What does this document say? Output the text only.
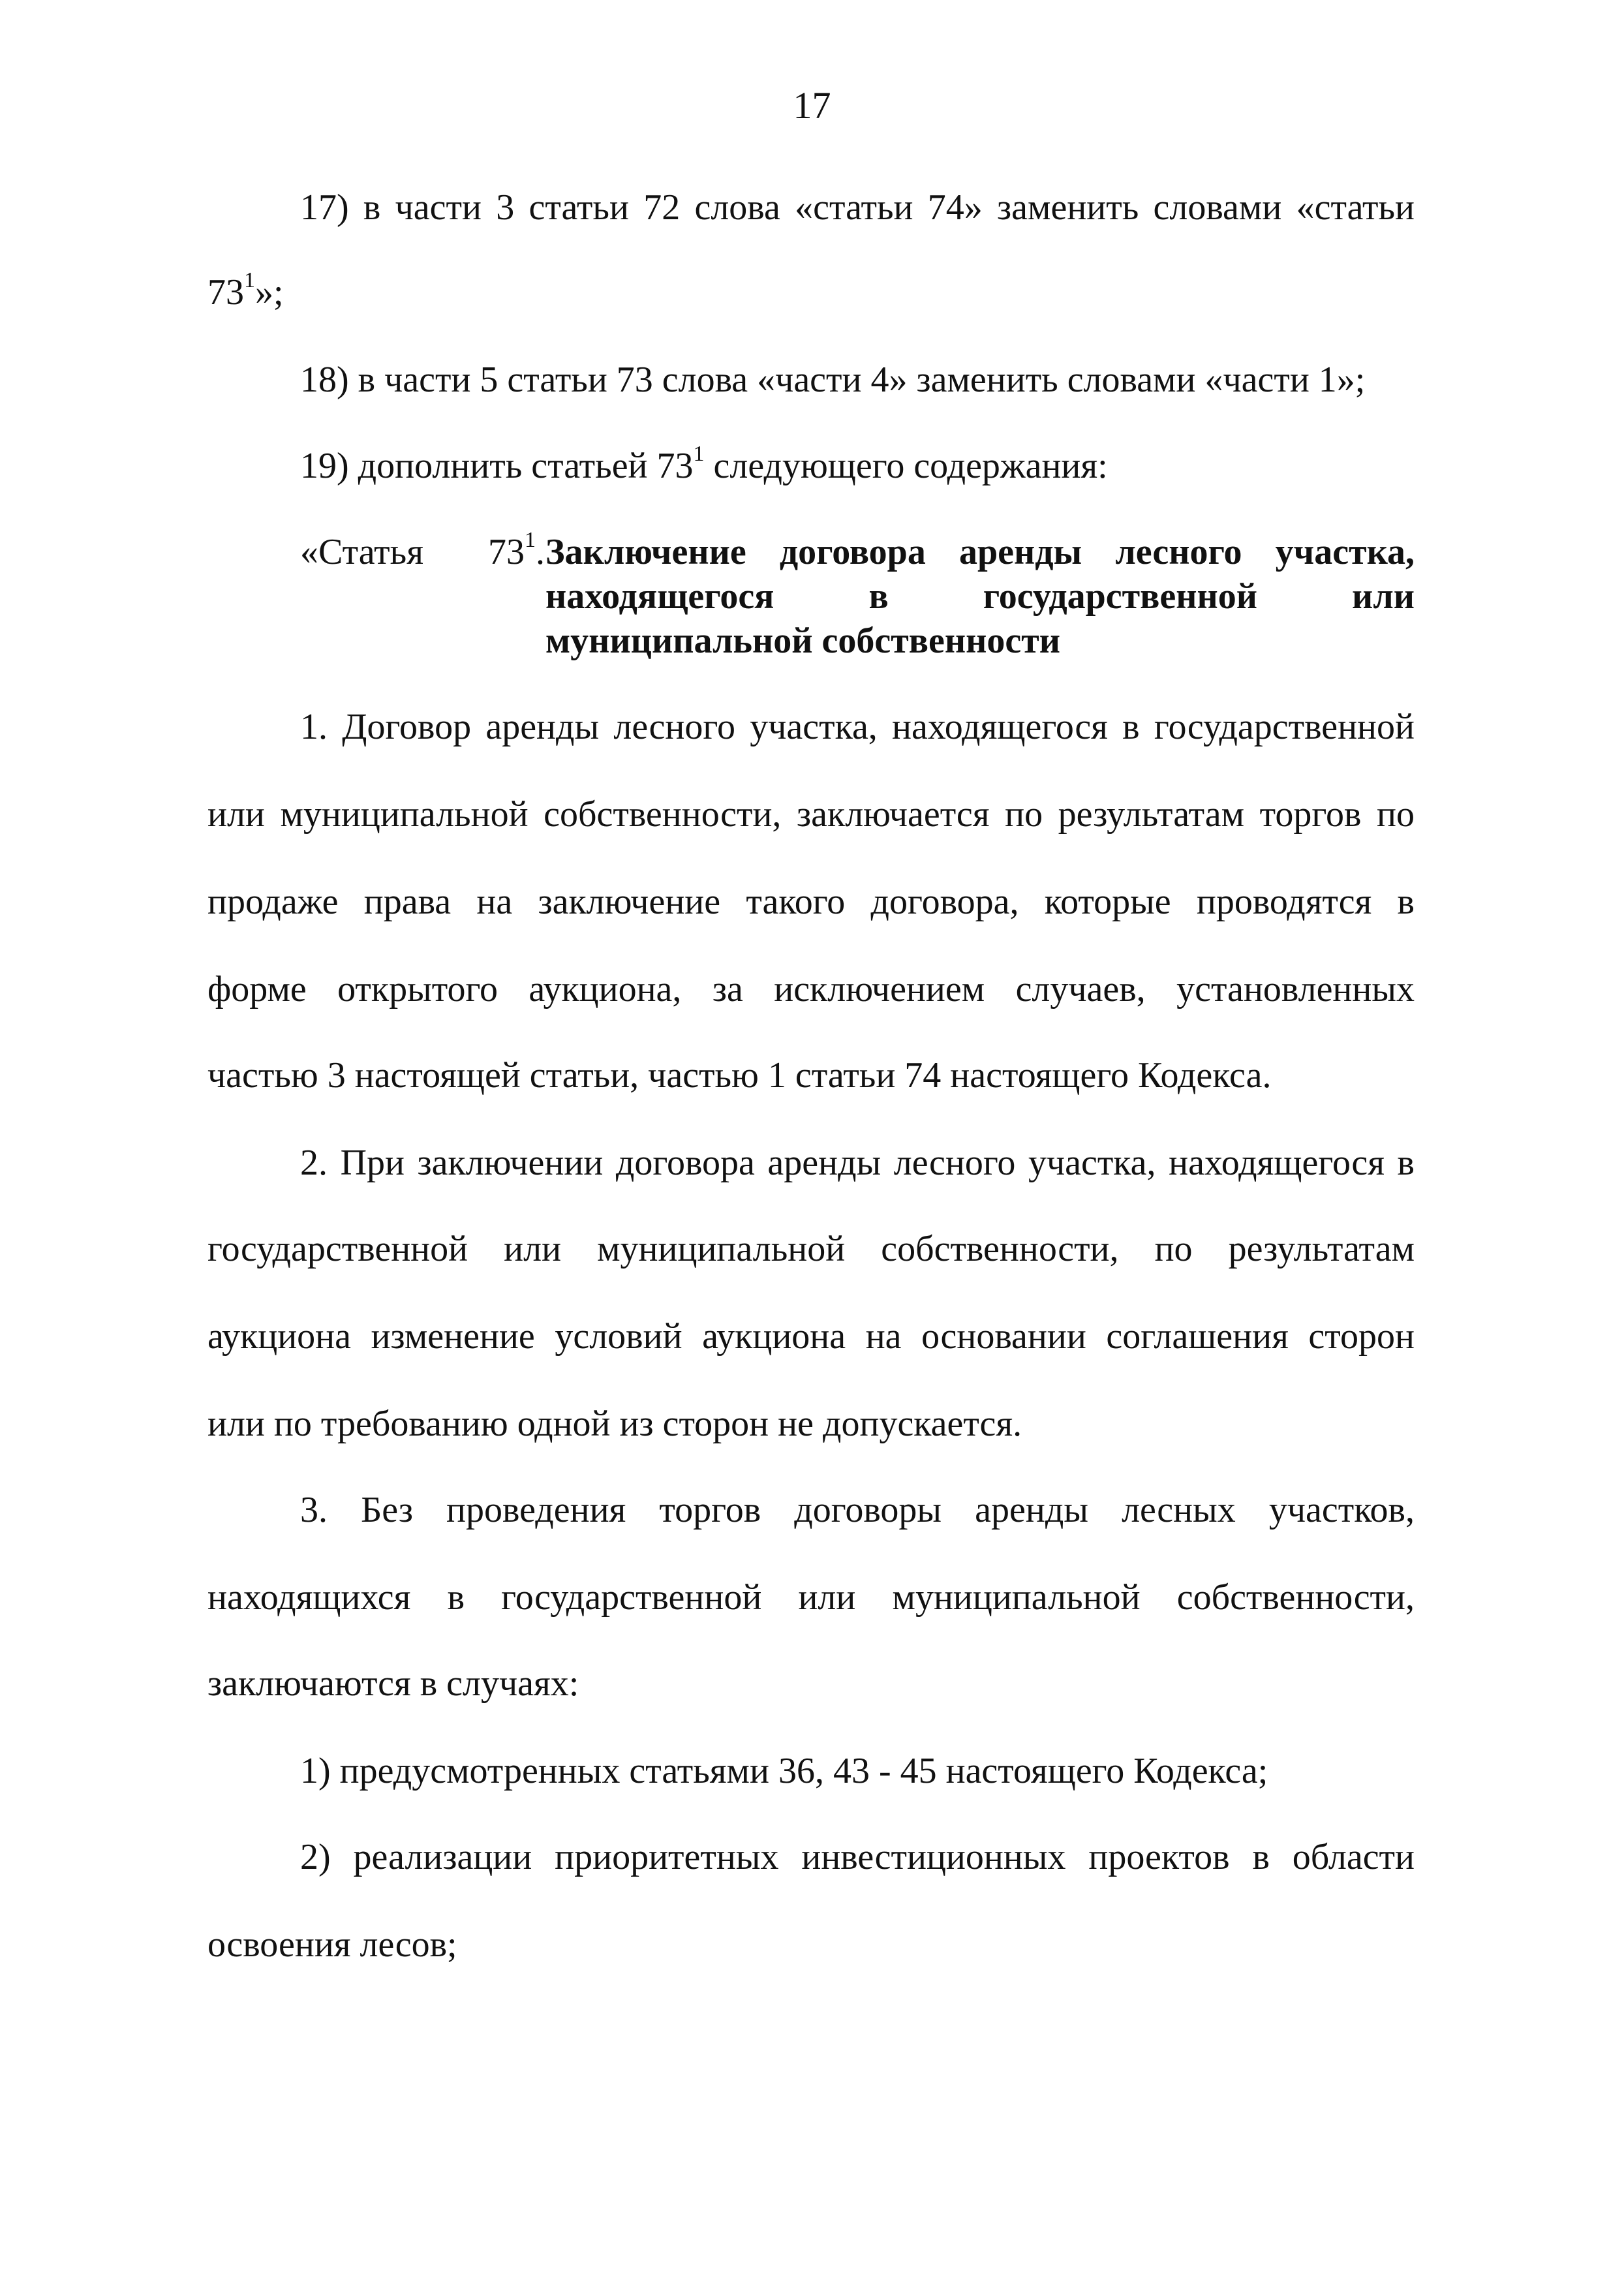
17
17) в части 3 статьи 72 слова «статьи 74» заменить словами «статьи
$73^1$»;
18) в части 5 статьи 73 слова «части 4» заменить словами «части 1»;
19) дополнить статьей $73^1$ следующего содержания:
«Статья $73^1$. Заключение договора аренды лесного участка,
находящегося в государственной или
муниципальной собственности
1. Договор аренды лесного участка, находящегося в государственной
или муниципальной собственности, заключается по результатам торгов по
продаже права на заключение такого договора, которые проводятся в
форме открытого аукциона, за исключением случаев, установленных
частью 3 настоящей статьи, частью 1 статьи 74 настоящего Кодекса.
2. При заключении договора аренды лесного участка, находящегося в
государственной или муниципальной собственности, по результатам
аукциона изменение условий аукциона на основании соглашения сторон
или по требованию одной из сторон не допускается.
3. Без проведения торгов договоры аренды лесных участков,
находящихся в государственной или муниципальной собственности,
заключаются в случаях:
1) предусмотренных статьями 36, 43 - 45 настоящего Кодекса;
2) реализации приоритетных инвестиционных проектов в области
освоения лесов;
